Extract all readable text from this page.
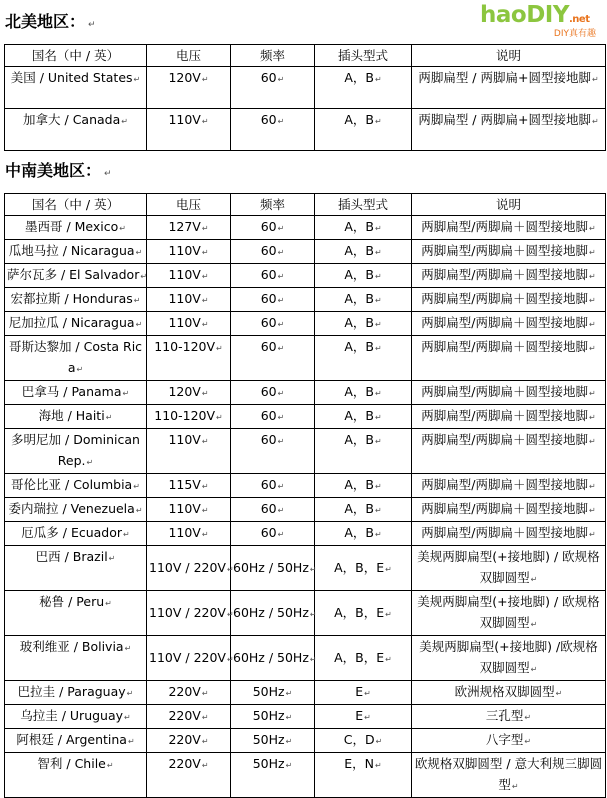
北美地区： ↵	haoDIY.net
DIY真有趣
国名（中 / 英）	电压	频率	插头型式	说明
美国 / United States↵	120V↵	60↵	A，B↵	两脚扁型 / 两脚扁+圆型接地脚↵
加拿大 / Canada↵	110V↵	60↵	A，B↵	两脚扁型 / 两脚扁+圆型接地脚↵
中南美地区： ↵
国名（中 / 英）	电压	频率	插头型式	说明
墨西哥 / Mexico↵	127V↵	60↵	A，B↵	两脚扁型/两脚扁＋圆型接地脚↵
瓜地马拉 / Nicaragua↵	110V↵	60↵	A，B↵	两脚扁型/两脚扁＋圆型接地脚↵
萨尔瓦多 / El Salvador↵	110V↵	60↵	A，B↵	两脚扁型/两脚扁＋圆型接地脚↵
宏都拉斯 / Honduras↵	110V↵	60↵	A，B↵	两脚扁型/两脚扁＋圆型接地脚↵
尼加拉瓜 / Nicaragua↵	110V↵	60↵	A，B↵	两脚扁型/两脚扁＋圆型接地脚↵
哥斯达黎加 / Costa Rica↵	110-120V↵	60↵	A，B↵	两脚扁型/两脚扁＋圆型接地脚↵
巴拿马 / Panama↵	120V↵	60↵	A，B↵	两脚扁型/两脚扁＋圆型接地脚↵
海地 / Haiti↵	110-120V↵	60↵	A，B↵	两脚扁型/两脚扁＋圆型接地脚↵
多明尼加 / Dominican Rep.↵	110V↵	60↵	A，B↵	两脚扁型/两脚扁＋圆型接地脚↵
哥伦比亚 / Columbia↵	115V↵	60↵	A，B↵	两脚扁型/两脚扁＋圆型接地脚↵
委内瑞拉 / Venezuela↵	110V↵	60↵	A，B↵	两脚扁型/两脚扁＋圆型接地脚↵
厄瓜多 / Ecuador↵	110V↵	60↵	A，B↵	两脚扁型/两脚扁＋圆型接地脚↵
巴西 / Brazil↵	110V / 220V↵	60Hz / 50Hz↵	A，B，E↵	美规两脚扁型(+接地脚) / 欧规格双脚圆型↵
秘鲁 / Peru↵	110V / 220V↵	60Hz / 50Hz↵	A，B，E↵	美规两脚扁型(+接地脚) / 欧规格双脚圆型↵
玻利维亚 / Bolivia↵	110V / 220V↵	60Hz / 50Hz↵	A，B，E↵	美规两脚扁型(+接地脚) /欧规格双脚圆型↵
巴拉圭 / Paraguay↵	220V↵	50Hz↵	E↵	欧洲规格双脚圆型↵
乌拉圭 / Uruguay↵	220V↵	50Hz↵	E↵	三孔型↵
阿根廷 / Argentina↵	220V↵	50Hz↵	C，D↵	八字型↵
智利 / Chile↵	220V↵	50Hz↵	E，N↵	欧规格双脚圆型 / 意大利规三脚圆型↵
